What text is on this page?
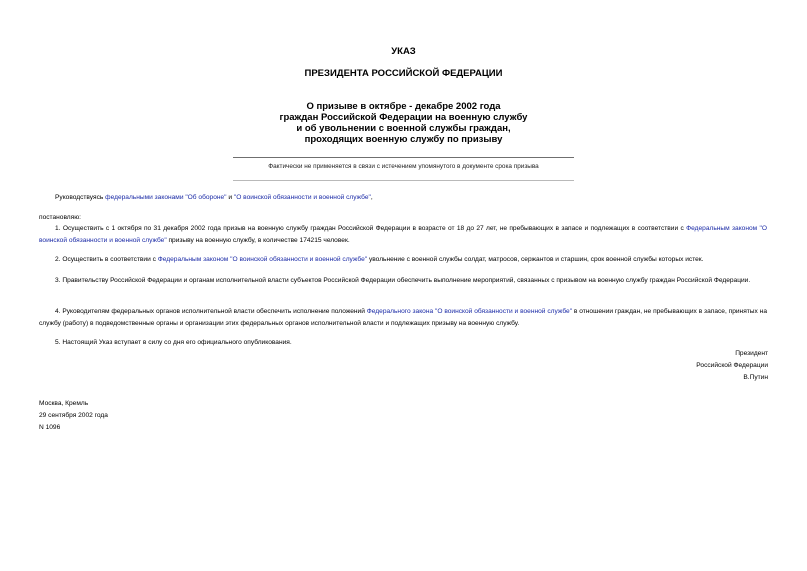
УКАЗ
ПРЕЗИДЕНТА РОССИЙСКОЙ ФЕДЕРАЦИИ
О призыве в октябре - декабре 2002 года
граждан Российской Федерации на военную службу
и об увольнении с военной службы граждан,
проходящих военную службу по призыву
Фактически не применяется в связи с истечением упомянутого в документе срока призыва
Руководствуясь федеральными законами "Об обороне" и "О воинской обязанности и военной службе",
постановляю:
1. Осуществить с 1 октября по 31 декабря 2002 года призыв на военную службу граждан Российской Федерации в возрасте от 18 до 27 лет, не пребывающих в запасе и подлежащих в соответствии с Федеральным законом "О воинской обязанности и военной службе" призыву на военную службу, в количестве 174215 человек.
2. Осуществить в соответствии с Федеральным законом "О воинской обязанности и военной службе" увольнение с военной службы солдат, матросов, сержантов и старшин, срок военной службы которых истек.
3. Правительству Российской Федерации и органам исполнительной власти субъектов Российской Федерации обеспечить выполнение мероприятий, связанных с призывом на военную службу граждан Российской Федерации.
4. Руководителям федеральных органов исполнительной власти обеспечить исполнение положений Федерального закона "О воинской обязанности и военной службе" в отношении граждан, не пребывающих в запасе, принятых на службу (работу) в подведомственные органы и организации этих федеральных органов исполнительной власти и подлежащих призыву на военную службу.
5. Настоящий Указ вступает в силу со дня его официального опубликования.
Президент
Российской Федерации
В.Путин
Москва, Кремль
29 сентября 2002 года
N 1096
